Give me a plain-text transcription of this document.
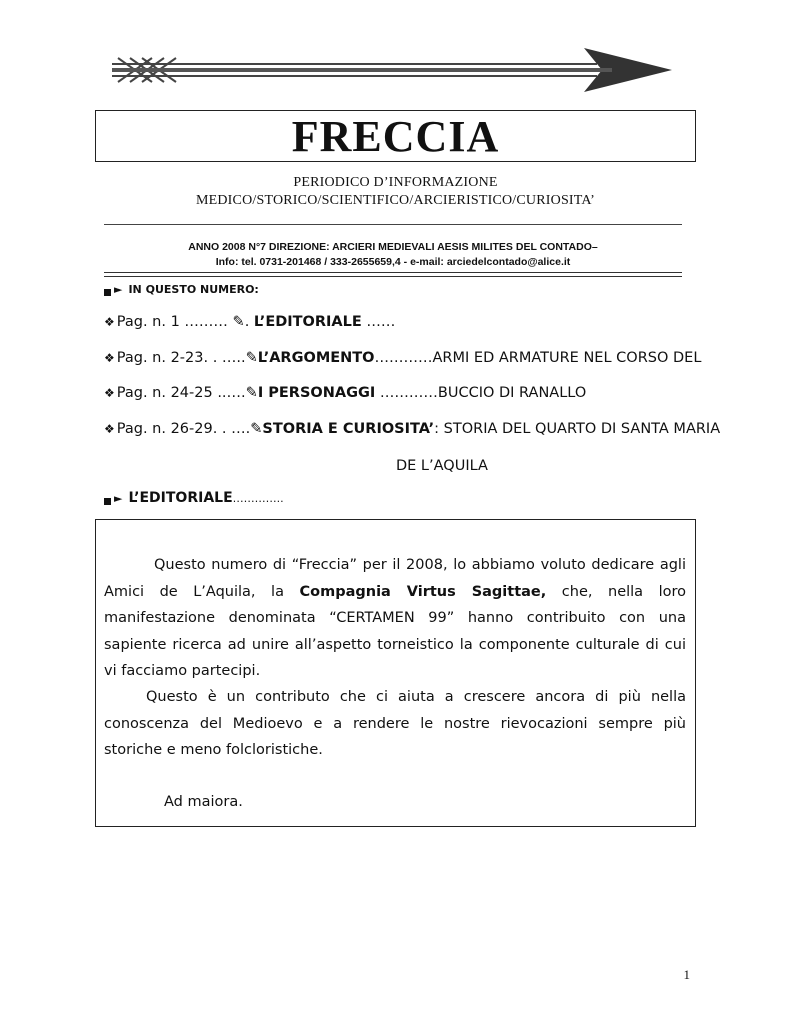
FRECCIA
PERIODICO D’INFORMAZIONE
MEDICO/STORICO/SCIENTIFICO/ARCIERISTICO/CURIOSITA’
ANNO 2008 N°7 DIREZIONE: ARCIERI MEDIEVALI AESIS MILITES DEL CONTADO–
Info: tel. 0731-201468 / 333-2655659,4 - e-mail: arciedelcontado@alice.it
► IN QUESTO NUMERO:
❖ Pag. n. 1 ……… ✎. L’EDITORIALE ……
❖ Pag. n. 2-23. . …..✎L’ARGOMENTO…………ARMI ED ARMATURE NEL CORSO DEL
❖ Pag. n. 24-25 ..….✎I PERSONAGGI …………BUCCIO DI RANALLO
❖ Pag. n. 26-29. . ….✎STORIA E CURIOSITA’: STORIA DEL QUARTO DI SANTA MARIA
DE L’AQUILA
► L’EDITORIALE …………..
Questo numero di “Freccia” per il 2008, lo abbiamo voluto dedicare agli Amici de L’Aquila, la Compagnia Virtus Sagittae, che, nella loro manifestazione denominata “CERTAMEN 99” hanno contribuito con una sapiente ricerca ad unire all’aspetto torneistico la componente culturale di cui vi facciamo partecipi.
Questo è un contributo che ci aiuta a crescere ancora di più nella conoscenza del Medioevo e a rendere le nostre rievocazioni sempre più storiche e meno folcloristiche.
Ad maiora.
1
